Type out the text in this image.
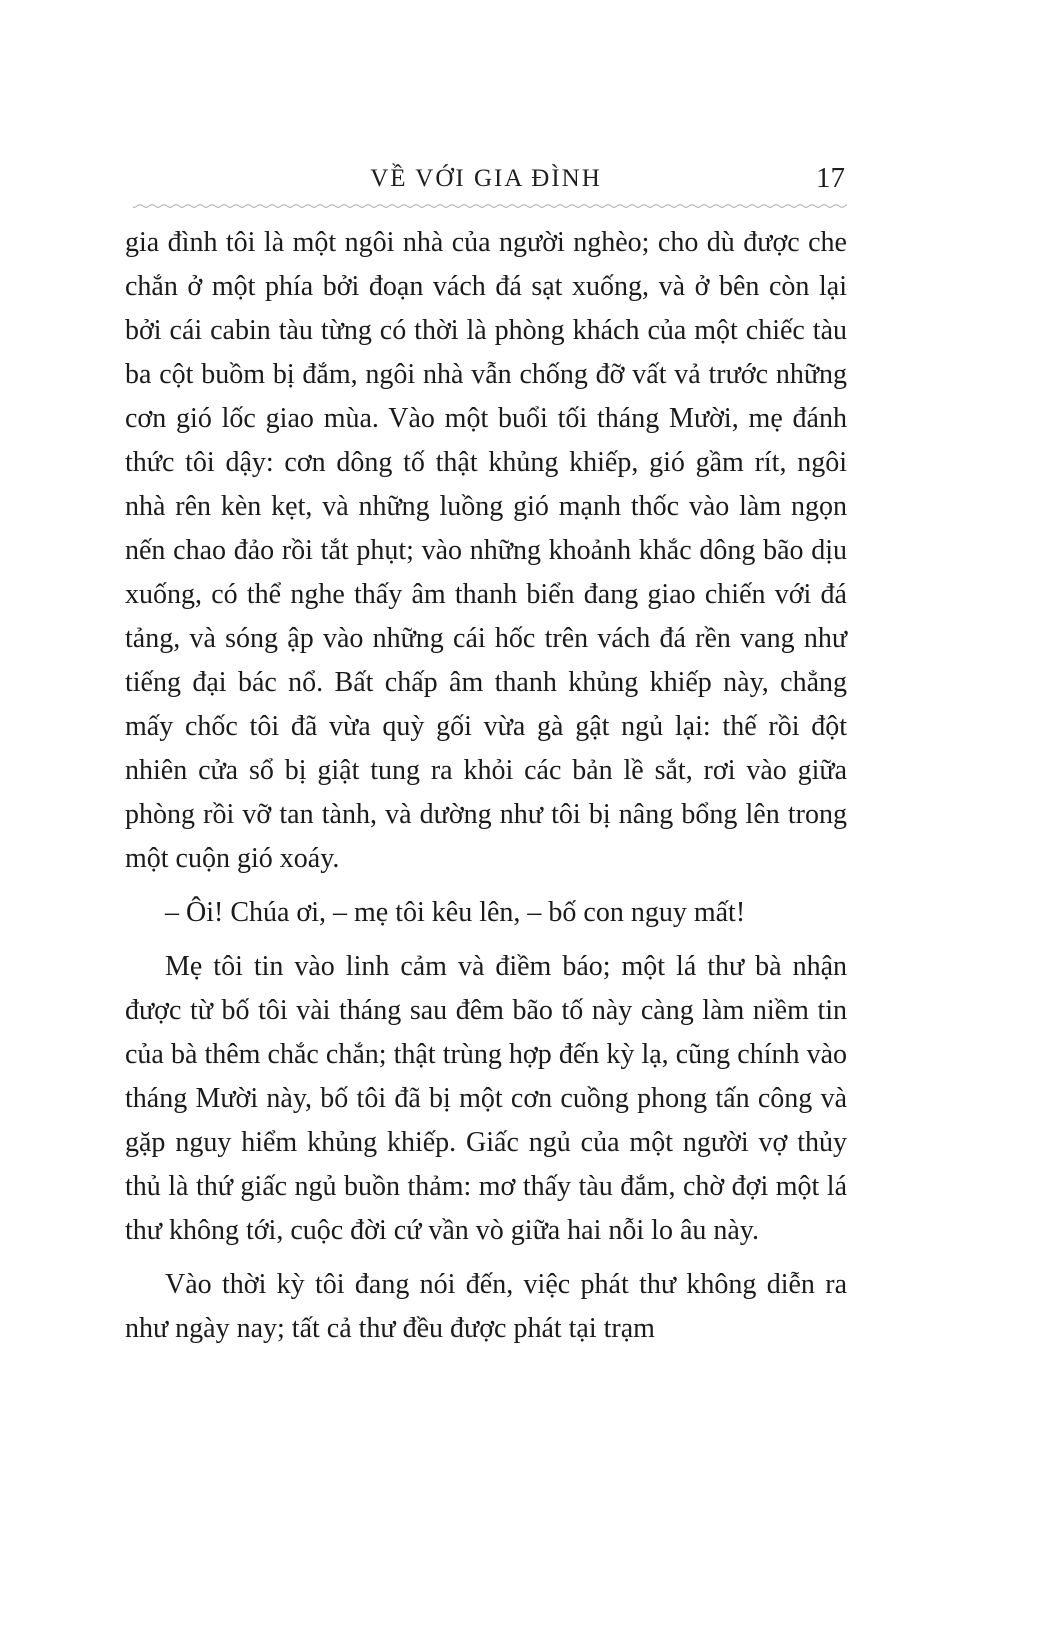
VỀ VỚI GIA ĐÌNH	17

gia đình tôi là một ngôi nhà của người nghèo; cho dù được che chắn ở một phía bởi đoạn vách đá sạt xuống, và ở bên còn lại bởi cái cabin tàu từng có thời là phòng khách của một chiếc tàu ba cột buồm bị đắm, ngôi nhà vẫn chống đỡ vất vả trước những cơn gió lốc giao mùa. Vào một buổi tối tháng Mười, mẹ đánh thức tôi dậy: cơn dông tố thật khủng khiếp, gió gầm rít, ngôi nhà rên kèn kẹt, và những luồng gió mạnh thốc vào làm ngọn nến chao đảo rồi tắt phụt; vào những khoảnh khắc dông bão dịu xuống, có thể nghe thấy âm thanh biển đang giao chiến với đá tảng, và sóng ập vào những cái hốc trên vách đá rền vang như tiếng đại bác nổ. Bất chấp âm thanh khủng khiếp này, chẳng mấy chốc tôi đã vừa quỳ gối vừa gà gật ngủ lại: thế rồi đột nhiên cửa sổ bị giật tung ra khỏi các bản lề sắt, rơi vào giữa phòng rồi vỡ tan tành, và dường như tôi bị nâng bổng lên trong một cuộn gió xoáy.

– Ôi! Chúa ơi, – mẹ tôi kêu lên, – bố con nguy mất!

Mẹ tôi tin vào linh cảm và điềm báo; một lá thư bà nhận được từ bố tôi vài tháng sau đêm bão tố này càng làm niềm tin của bà thêm chắc chắn; thật trùng hợp đến kỳ lạ, cũng chính vào tháng Mười này, bố tôi đã bị một cơn cuồng phong tấn công và gặp nguy hiểm khủng khiếp. Giấc ngủ của một người vợ thủy thủ là thứ giấc ngủ buồn thảm: mơ thấy tàu đắm, chờ đợi một lá thư không tới, cuộc đời cứ vần vò giữa hai nỗi lo âu này.

Vào thời kỳ tôi đang nói đến, việc phát thư không diễn ra như ngày nay; tất cả thư đều được phát tại trạm
